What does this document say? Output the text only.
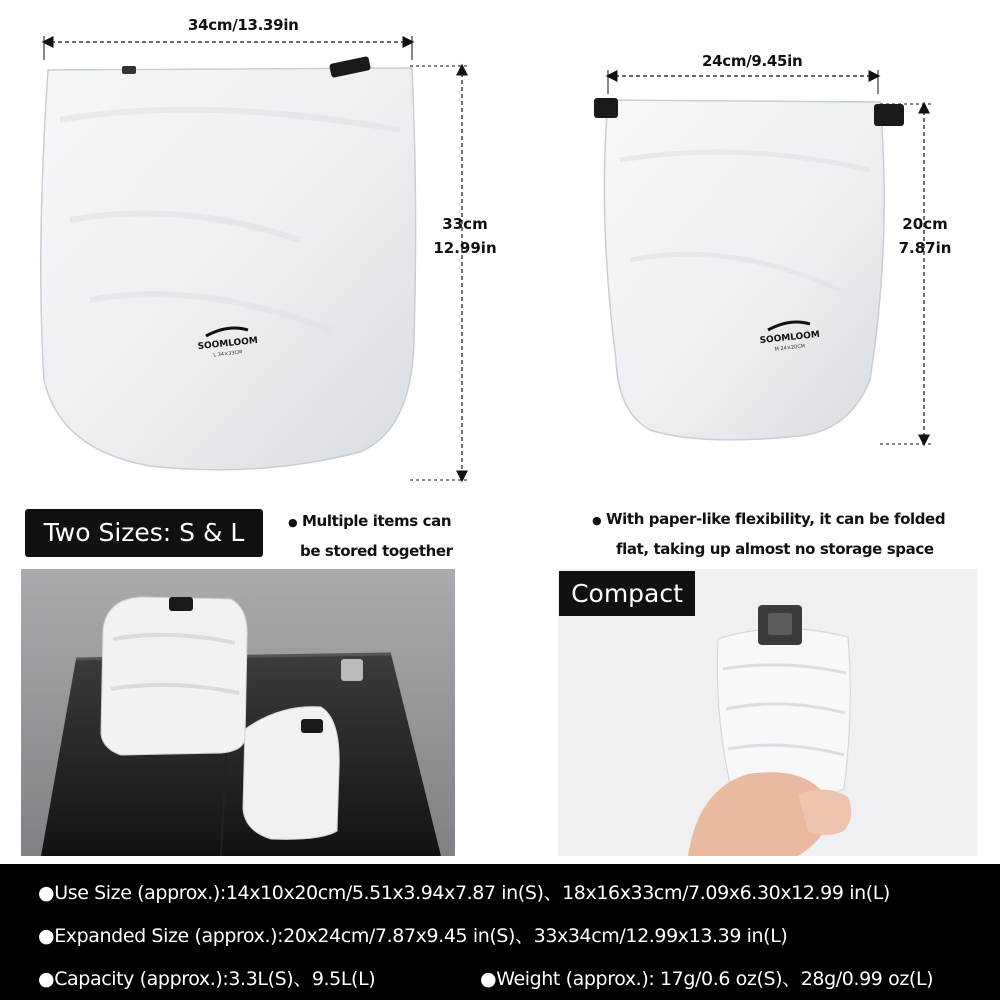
SOOMLOOM
L 34×33CM
34cm/13.39in
33cm
12.99in
SOOMLOOM
M 24×20CM
24cm/9.45in
20cm
7.87in
Two Sizes: S & L	● Multiple items can
be stored together
● With paper-like flexibility, it can be folded
flat, taking up almost no storage space
Compact
●Use Size (approx.):14x10x20cm/5.51x3.94x7.87 in(S)、18x16x33cm/7.09x6.30x12.99 in(L)
●Expanded Size (approx.):20x24cm/7.87x9.45 in(S)、33x34cm/12.99x13.39 in(L)
●Capacity (approx.):3.3L(S)、9.5L(L)	●Weight (approx.): 17g/0.6 oz(S)、28g/0.99 oz(L)
